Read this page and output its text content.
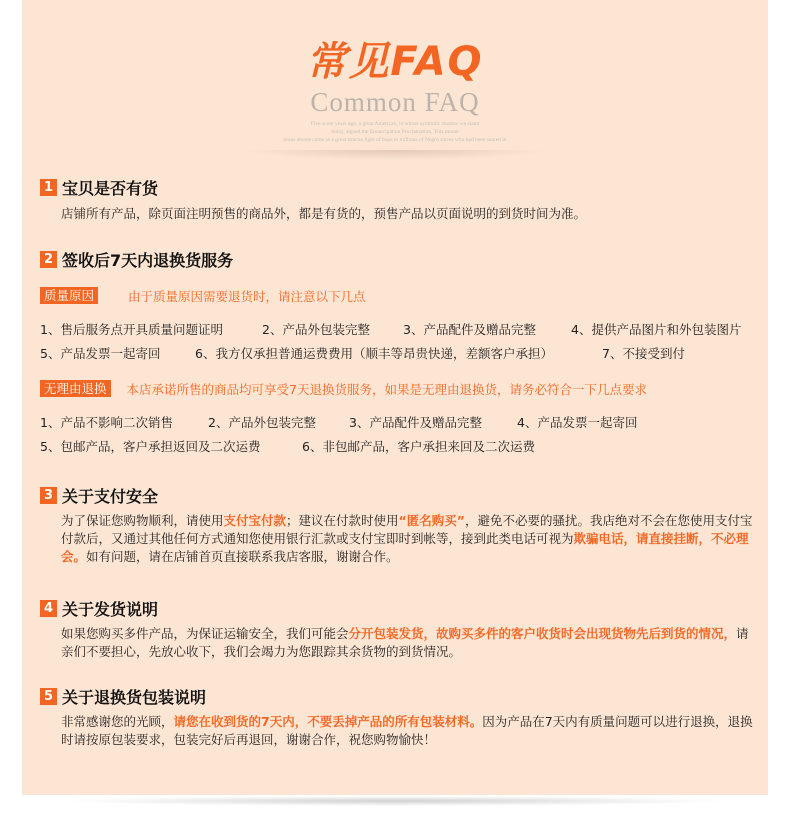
常见FAQ
Common FAQ
Five score years ago, a great American, in whose symbolic shadow we stand
today, signed the Emancipation Proclamation. This mome
ntous decree came as a great beacon light of hope to millions of Negro slaves who had been seared in
1 宝贝是否有货
店铺所有产品，除页面注明预售的商品外，都是有货的，预售产品以页面说明的到货时间为准。
2 签收后7天内退换货服务
质量原因	由于质量原因需要退货时，请注意以下几点
1、售后服务点开具质量问题证明	2、产品外包装完整	3、产品配件及赠品完整	4、提供产品图片和外包装图片
5、产品发票一起寄回	6、我方仅承担普通运费费用（顺丰等昂贵快递，差额客户承担）	7、不接受到付
无理由退换	本店承诺所售的商品均可享受7天退换货服务，如果是无理由退换货，请务必符合一下几点要求
1、产品不影响二次销售	2、产品外包装完整	3、产品配件及赠品完整	4、产品发票一起寄回
5、包邮产品，客户承担返回及二次运费	6、非包邮产品，客户承担来回及二次运费
3 关于支付安全
为了保证您购物顺利，请使用支付宝付款；建议在付款时使用“匿名购买”，避免不必要的骚扰。我店绝对不会在您使用支付宝付款后，又通过其他任何方式通知您使用银行汇款或支付宝即时到帐等，接到此类电话可视为欺骗电话，请直接挂断，不必理会。如有问题，请在店铺首页直接联系我店客服，谢谢合作。
4 关于发货说明
如果您购买多件产品，为保证运输安全，我们可能会分开包装发货，故购买多件的客户收货时会出现货物先后到货的情况，请亲们不要担心，先放心收下，我们会竭力为您跟踪其余货物的到货情况。
5 关于退换货包装说明
非常感谢您的光顾，请您在收到货的7天内，不要丢掉产品的所有包装材料。因为产品在7天内有质量问题可以进行退换，退换时请按原包装要求，包装完好后再退回，谢谢合作，祝您购物愉快！
